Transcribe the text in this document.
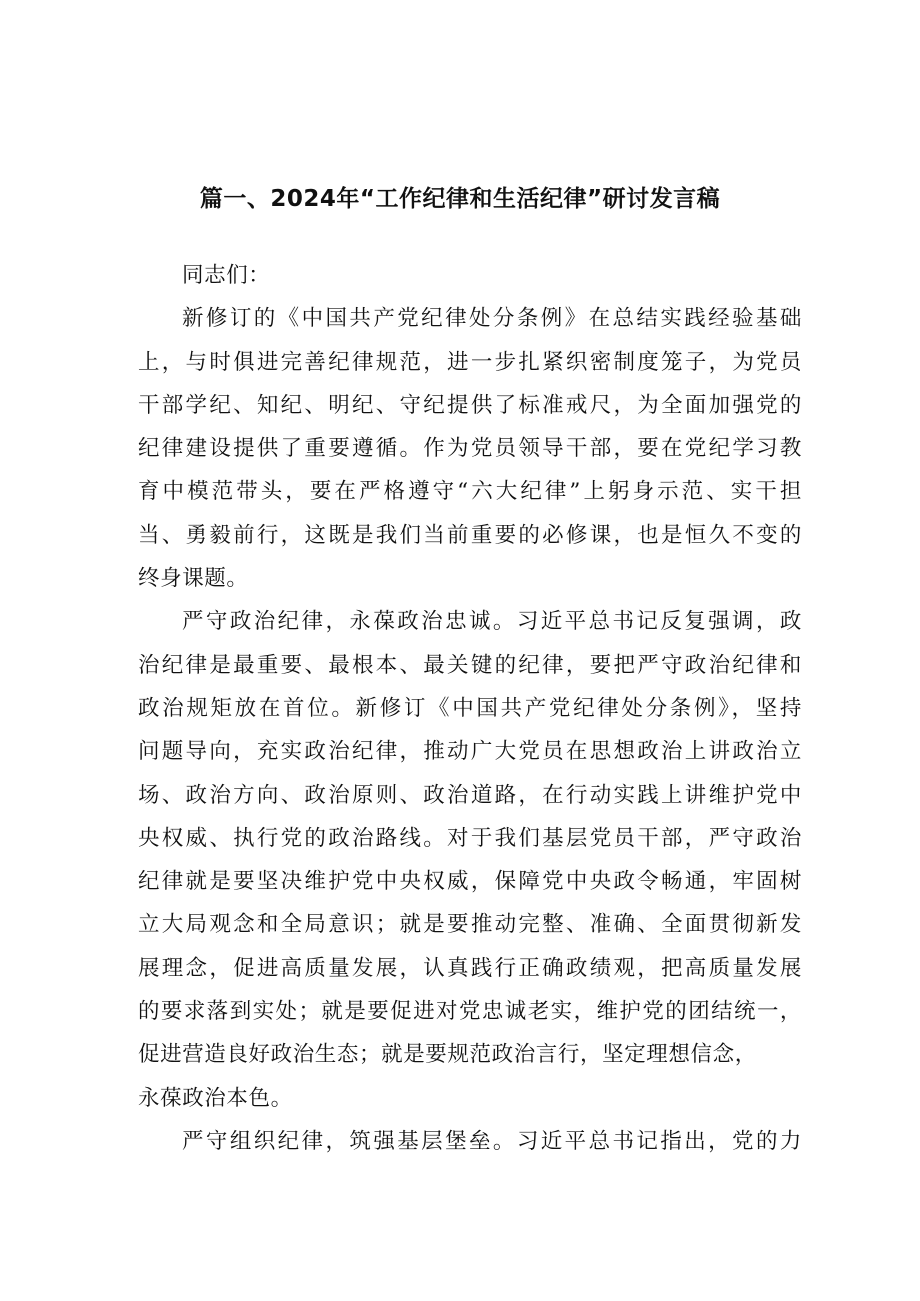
篇一、2024年“工作纪律和生活纪律”研讨发言稿
同志们：
新修订的《中国共产党纪律处分条例》在总结实践经验基础
上，与时俱进完善纪律规范，进一步扎紧织密制度笼子，为党员
干部学纪、知纪、明纪、守纪提供了标准戒尺，为全面加强党的
纪律建设提供了重要遵循。作为党员领导干部，要在党纪学习教
育中模范带头，要在严格遵守“六大纪律”上躬身示范、实干担
当、勇毅前行，这既是我们当前重要的必修课，也是恒久不变的
终身课题。
严守政治纪律，永葆政治忠诚。习近平总书记反复强调，政
治纪律是最重要、最根本、最关键的纪律，要把严守政治纪律和
政治规矩放在首位。新修订《中国共产党纪律处分条例》，坚持
问题导向，充实政治纪律，推动广大党员在思想政治上讲政治立
场、政治方向、政治原则、政治道路，在行动实践上讲维护党中
央权威、执行党的政治路线。对于我们基层党员干部，严守政治
纪律就是要坚决维护党中央权威，保障党中央政令畅通，牢固树
立大局观念和全局意识；就是要推动完整、准确、全面贯彻新发
展理念，促进高质量发展，认真践行正确政绩观，把高质量发展
的要求落到实处；就是要促进对党忠诚老实，维护党的团结统一，
促进营造良好政治生态；就是要规范政治言行，坚定理想信念，
永葆政治本色。
严守组织纪律，筑强基层堡垒。习近平总书记指出，党的力
